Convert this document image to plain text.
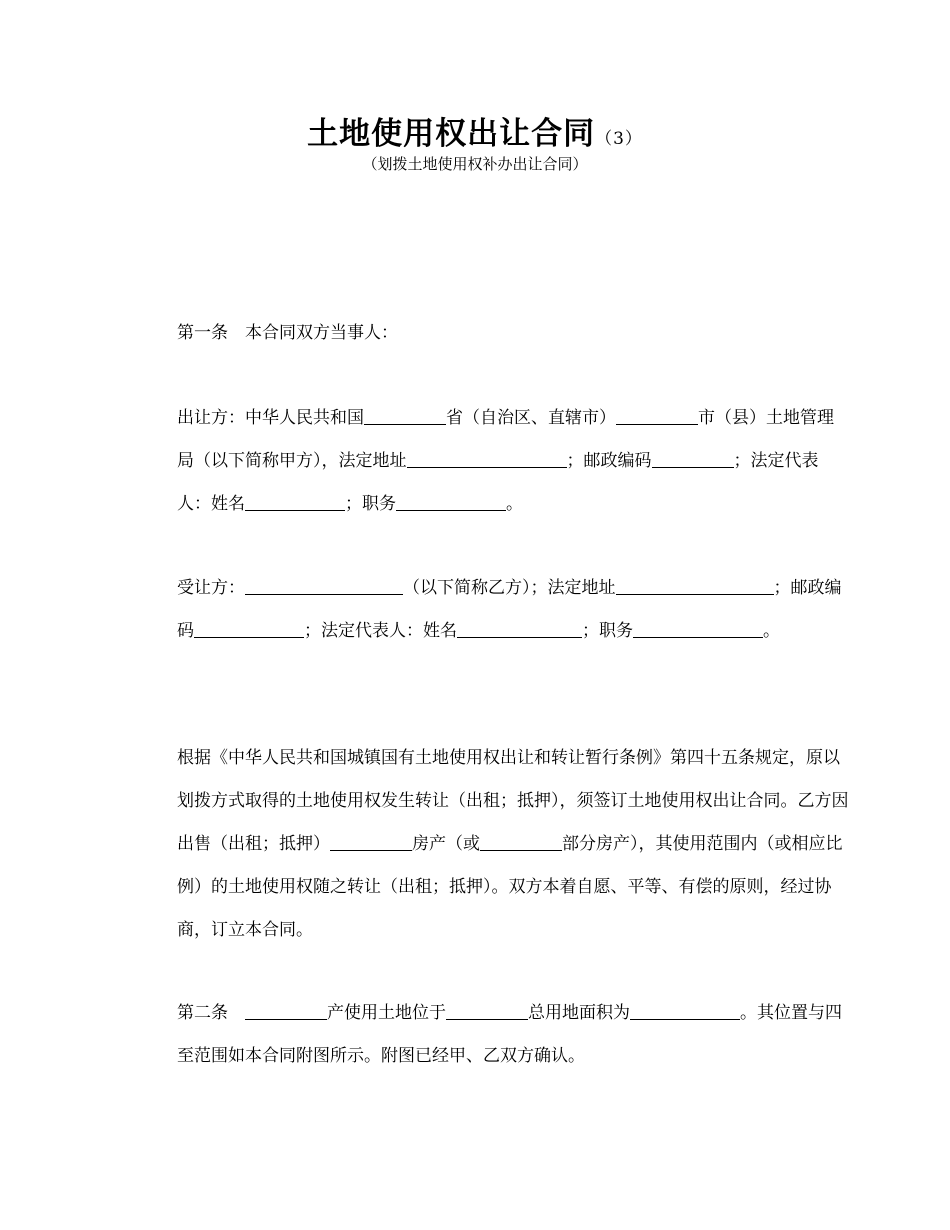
土地使用权出让合同（3）
（划拨土地使用权补办出让合同）

第一条　本合同双方当事人：

出让方：中华人民共和国	省（自治区、直辖市）	市（县）土地管理局（以下简称甲方），法定地址	；邮政编码	；法定代表人：姓名	；职务	。

受让方：	（以下简称乙方）；法定地址	；邮政编码	；法定代表人：姓名	；职务	。

根据《中华人民共和国城镇国有土地使用权出让和转让暂行条例》第四十五条规定，原以划拨方式取得的土地使用权发生转让（出租；抵押），须签订土地使用权出让合同。乙方因出售（出租；抵押）	房产（或	部分房产），其使用范围内（或相应比例）的土地使用权随之转让（出租；抵押）。双方本着自愿、平等、有偿的原则，经过协商，订立本合同。

第二条　	产使用土地位于	总用地面积为	。其位置与四至范围如本合同附图所示。附图已经甲、乙双方确认。
